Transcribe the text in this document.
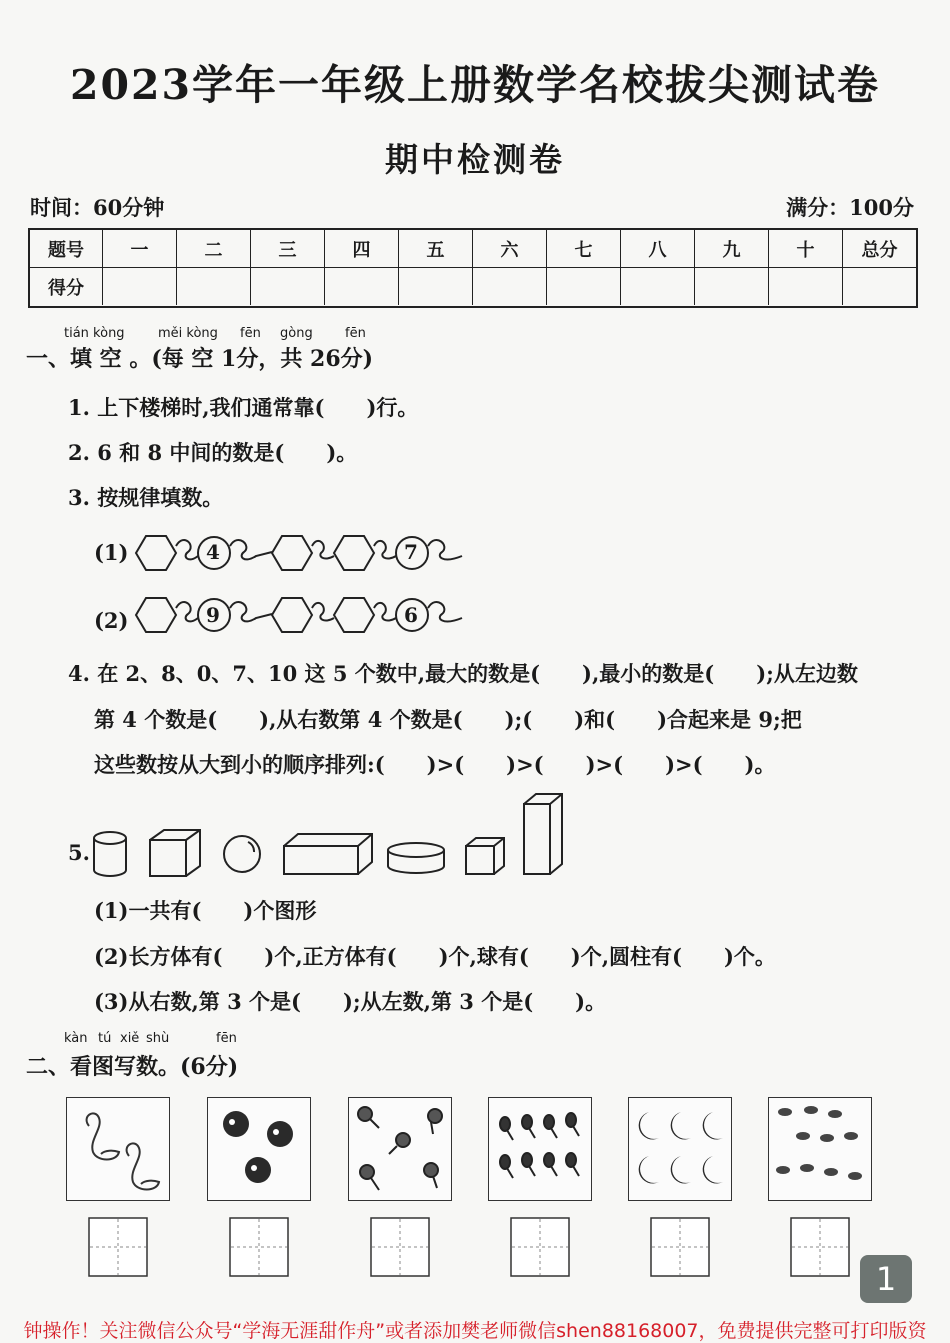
2023学年一年级上册数学名校拔尖测试卷
期中检测卷
时间：60分钟	满分：100分
题号	一	二	三	四	五	六	七	八	九	十	总分
得分
tián kòng	měi kòng fēn gòng fēn
一、填 空 。(每 空 1分，共 26分)
1. 上下楼梯时,我们通常靠(　　)行。
2. 6 和 8 中间的数是(　　)。
3. 按规律填数。
(1)	4	7
(2)	9	6
4. 在 2、8、0、7、10 这 5 个数中,最大的数是(　　),最小的数是(　　);从左边数
第 4 个数是(　　),从右数第 4 个数是(　　);(　　)和(　　)合起来是 9;把
这些数按从大到小的顺序排列:(　　)>(　　)>(　　)>(　　)>(　　)。
5.
(1)一共有(　　)个图形
(2)长方体有(　　)个,正方体有(　　)个,球有(　　)个,圆柱有(　　)个。
(3)从右数,第 3 个是(　　);从左数,第 3 个是(　　)。
kàn tú xiě shù	fēn
二、看图写数。(6分)
1
钟操作！关注微信公众号“学海无涯甜作舟”或者添加樊老师微信shen88168007，免费提供完整可打印版资
